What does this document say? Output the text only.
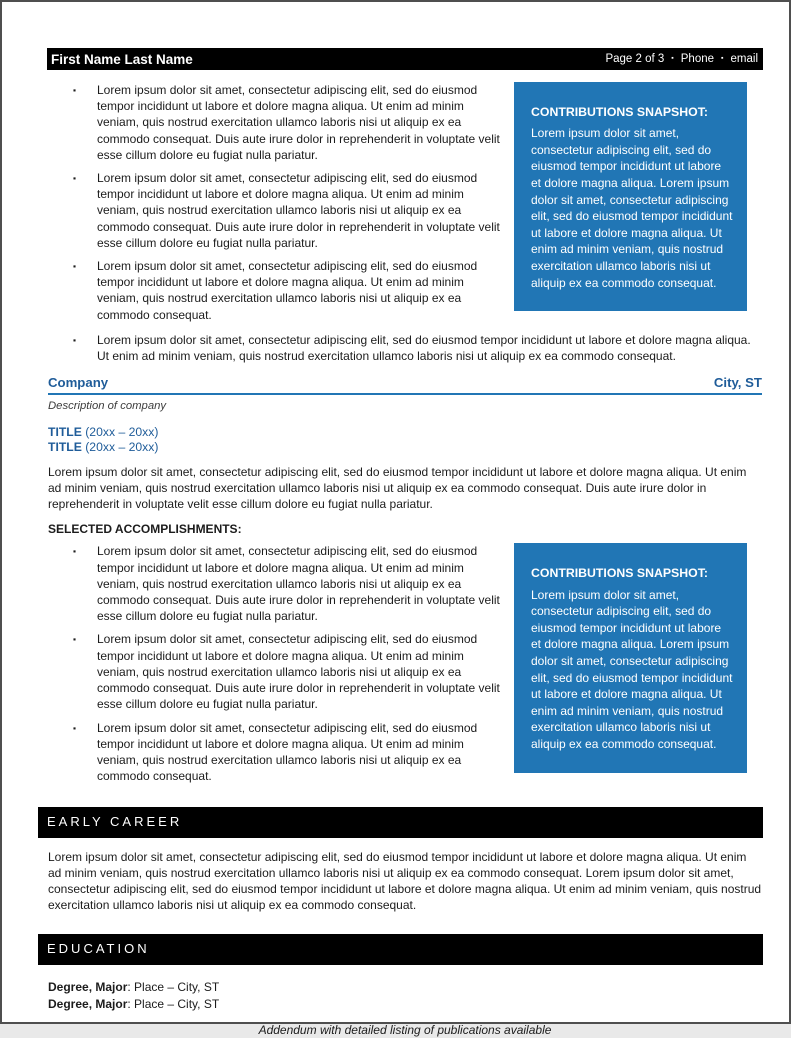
First Name Last Name	Page 2 of 3 ▪ Phone ▪ email
▪	Lorem ipsum dolor sit amet, consectetur adipiscing elit, sed do eiusmod tempor incididunt ut labore et dolore magna aliqua. Ut enim ad minim veniam, quis nostrud exercitation ullamco laboris nisi ut aliquip ex ea commodo consequat. Duis aute irure dolor in reprehenderit in voluptate velit esse cillum dolore eu fugiat nulla pariatur.
▪	Lorem ipsum dolor sit amet, consectetur adipiscing elit, sed do eiusmod tempor incididunt ut labore et dolore magna aliqua. Ut enim ad minim veniam, quis nostrud exercitation ullamco laboris nisi ut aliquip ex ea commodo consequat. Duis aute irure dolor in reprehenderit in voluptate velit esse cillum dolore eu fugiat nulla pariatur.
▪	Lorem ipsum dolor sit amet, consectetur adipiscing elit, sed do eiusmod tempor incididunt ut labore et dolore magna aliqua. Ut enim ad minim veniam, quis nostrud exercitation ullamco laboris nisi ut aliquip ex ea commodo consequat.
CONTRIBUTIONS SNAPSHOT:
Lorem ipsum dolor sit amet, consectetur adipiscing elit, sed do eiusmod tempor incididunt ut labore et dolore magna aliqua. Lorem ipsum dolor sit amet, consectetur adipiscing elit, sed do eiusmod tempor incididunt ut labore et dolore magna aliqua. Ut enim ad minim veniam, quis nostrud exercitation ullamco laboris nisi ut aliquip ex ea commodo consequat.
▪	Lorem ipsum dolor sit amet, consectetur adipiscing elit, sed do eiusmod tempor incididunt ut labore et dolore magna aliqua. Ut enim ad minim veniam, quis nostrud exercitation ullamco laboris nisi ut aliquip ex ea commodo consequat.
Company	City, ST
Description of company
TITLE (20xx – 20xx)
TITLE (20xx – 20xx)
Lorem ipsum dolor sit amet, consectetur adipiscing elit, sed do eiusmod tempor incididunt ut labore et dolore magna aliqua. Ut enim ad minim veniam, quis nostrud exercitation ullamco laboris nisi ut aliquip ex ea commodo consequat. Duis aute irure dolor in reprehenderit in voluptate velit esse cillum dolore eu fugiat nulla pariatur.
SELECTED ACCOMPLISHMENTS:
▪	Lorem ipsum dolor sit amet, consectetur adipiscing elit, sed do eiusmod tempor incididunt ut labore et dolore magna aliqua. Ut enim ad minim veniam, quis nostrud exercitation ullamco laboris nisi ut aliquip ex ea commodo consequat. Duis aute irure dolor in reprehenderit in voluptate velit esse cillum dolore eu fugiat nulla pariatur.
▪	Lorem ipsum dolor sit amet, consectetur adipiscing elit, sed do eiusmod tempor incididunt ut labore et dolore magna aliqua. Ut enim ad minim veniam, quis nostrud exercitation ullamco laboris nisi ut aliquip ex ea commodo consequat. Duis aute irure dolor in reprehenderit in voluptate velit esse cillum dolore eu fugiat nulla pariatur.
▪	Lorem ipsum dolor sit amet, consectetur adipiscing elit, sed do eiusmod tempor incididunt ut labore et dolore magna aliqua. Ut enim ad minim veniam, quis nostrud exercitation ullamco laboris nisi ut aliquip ex ea commodo consequat.
CONTRIBUTIONS SNAPSHOT:
Lorem ipsum dolor sit amet, consectetur adipiscing elit, sed do eiusmod tempor incididunt ut labore et dolore magna aliqua. Lorem ipsum dolor sit amet, consectetur adipiscing elit, sed do eiusmod tempor incididunt ut labore et dolore magna aliqua. Ut enim ad minim veniam, quis nostrud exercitation ullamco laboris nisi ut aliquip ex ea commodo consequat.
EARLY CAREER
Lorem ipsum dolor sit amet, consectetur adipiscing elit, sed do eiusmod tempor incididunt ut labore et dolore magna aliqua. Ut enim ad minim veniam, quis nostrud exercitation ullamco laboris nisi ut aliquip ex ea commodo consequat. Lorem ipsum dolor sit amet, consectetur adipiscing elit, sed do eiusmod tempor incididunt ut labore et dolore magna aliqua. Ut enim ad minim veniam, quis nostrud exercitation ullamco laboris nisi ut aliquip ex ea commodo consequat.
EDUCATION
Degree, Major: Place – City, ST
Degree, Major: Place – City, ST
Addendum with detailed listing of publications available
